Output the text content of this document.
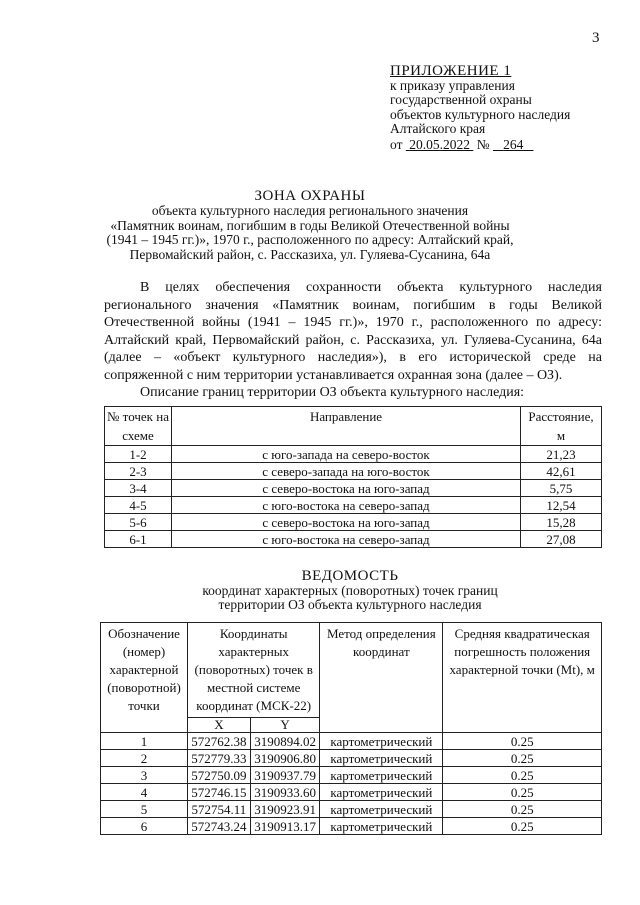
3
ПРИЛОЖЕНИЕ 1
к приказу управления
государственной охраны
объектов культурного наследия
Алтайского края
от 20.05.2022 № 264
ЗОНА ОХРАНЫ
объекта культурного наследия регионального значения
«Памятник воинам, погибшим в годы Великой Отечественной войны
(1941 – 1945 гг.)», 1970 г., расположенного по адресу: Алтайский край,
Первомайский район, с. Рассказиха, ул. Гуляева-Сусанина, 64а

В целях обеспечения сохранности объекта культурного наследия регионального значения «Памятник воинам, погибшим в годы Великой Отечественной войны (1941 – 1945 гг.)», 1970 г., расположенного по адресу: Алтайский край, Первомайский район, с. Рассказиха, ул. Гуляева-Сусанина, 64а (далее – «объект культурного наследия»), в его исторической среде на сопряженной с ним территории устанавливается охранная зона (далее – ОЗ).

Описание границ территории ОЗ объекта культурного наследия:

№ точек на схеме	Направление	Расстояние, м
1-2	с юго-запада на северо-восток	21,23
2-3	с северо-запада на юго-восток	42,61
3-4	с северо-востока на юго-запад	5,75
4-5	с юго-востока на северо-запад	12,54
5-6	с северо-востока на юго-запад	15,28
6-1	с юго-востока на северо-запад	27,08
ВЕДОМОСТЬ
координат характерных (поворотных) точек границ
территории ОЗ объекта культурного наследия
Обозначение (номер) характерной (поворотной) точки	Координаты характерных (поворотных) точек в местной системе координат (МСК-22)		Метод определения координат	Средняя квадратическая погрешность положения характерной точки (Mt), м
	X	Y		
1	572762.38	3190894.02	картометрический	0.25
2	572779.33	3190906.80	картометрический	0.25
3	572750.09	3190937.79	картометрический	0.25
4	572746.15	3190933.60	картометрический	0.25
5	572754.11	3190923.91	картометрический	0.25
6	572743.24	3190913.17	картометрический	0.25
